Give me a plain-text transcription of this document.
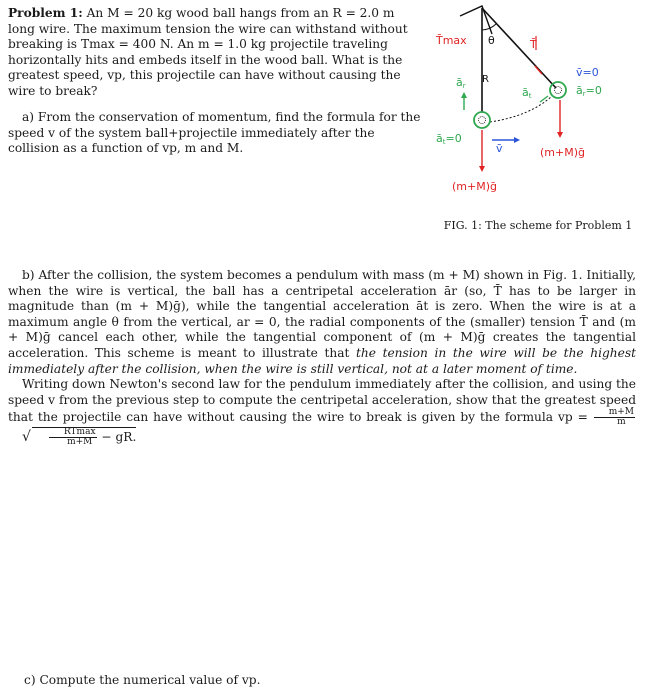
Problem 1: An M = 20 kg wood ball hangs from an R = 2.0 m long wire. The maximum tension the wire can withstand without breaking is Tmax = 400 N. An m = 1.0 kg projectile traveling horizontally hits and embeds itself in the wood ball. What is the greatest speed, vp, this projectile can have without causing the wire to break?
a) From the conservation of momentum, find the formula for the speed v of the system ball+projectile immediately after the collision as a function of vp, m and M.
T̄max θ	T̄
R
ār
āt=0
v̄
āt
v̄=0
ār=0
(m+M)ḡ
(m+M)ḡ
FIG. 1: The scheme for Problem 1
b) After the collision, the system becomes a pendulum with mass (m + M) shown in Fig. 1. Initially, when the wire is vertical, the ball has a centripetal acceleration ār (so, T̄ has to be larger in magnitude than (m + M)ḡ), while the tangential acceleration āt is zero. When the wire is at a maximum angle θ from the vertical, ar = 0, the radial components of the (smaller) tension T̄ and (m + M)ḡ cancel each other, while the tangential component of (m + M)ḡ creates the tangential acceleration. This scheme is meant to illustrate that the tension in the wire will be the highest immediately after the collision, when the wire is still vertical, not at a later moment of time.
Writing down Newton's second law for the pendulum immediately after the collision, and using the speed v from the previous step to compute the centripetal acceleration, show that the greatest speed that the projectile can have without causing the wire to break is given by the formula vp = $\frac{m+M}{m}$
√ $\frac{RTmax}{m+M}$ − gR.
c) Compute the numerical value of vp.
